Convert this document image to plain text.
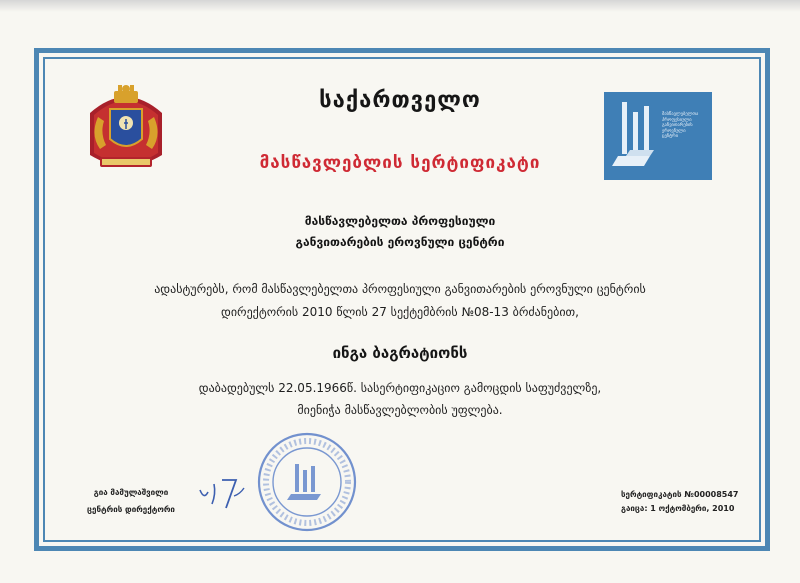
მასწავლებელთა
პროფესიული
განვითარების
ეროვნული
ცენტრი
საქართველო
მასწავლებლის სერტიფიკატი
მასწავლებელთა პროფესიული
განვითარების ეროვნული ცენტრი
ადასტურებს, რომ მასწავლებელთა პროფესიული განვითარების ეროვნული ცენტრის
დირექტორის 2010 წლის 27 სექტემბრის №08-13 ბრძანებით,
ინგა ბაგრატიონს
დაბადებულს 22.05.1966წ. სასერტიფიკაციო გამოცდის საფუძველზე,
მიენიჭა მასწავლებლობის უფლება.
გია მამულაშვილი
ცენტრის დირექტორი
სერტიფიკატის №00008547
გაიცა: 1 ოქტომბერი, 2010
